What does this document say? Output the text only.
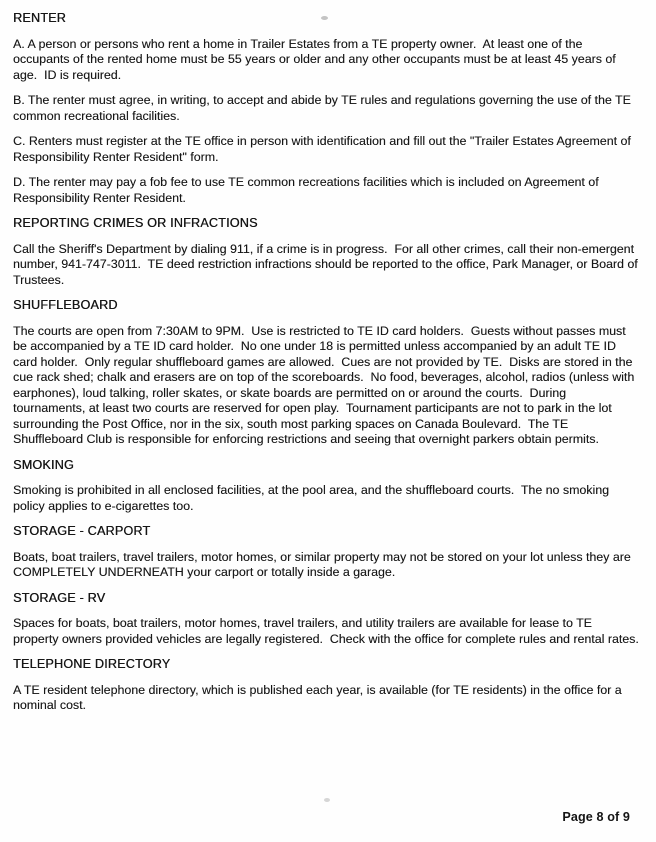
RENTER

A. A person or persons who rent a home in Trailer Estates from a TE property owner.  At least one of the occupants of the rented home must be 55 years or older and any other occupants must be at least 45 years of age.  ID is required.

B. The renter must agree, in writing, to accept and abide by TE rules and regulations governing the use of the TE common recreational facilities.

C. Renters must register at the TE office in person with identification and fill out the "Trailer Estates Agreement of Responsibility Renter Resident" form.

D. The renter may pay a fob fee to use TE common recreations facilities which is included on Agreement of Responsibility Renter Resident.

REPORTING CRIMES OR INFRACTIONS

Call the Sheriff's Department by dialing 911, if a crime is in progress.  For all other crimes, call their non-emergent number, 941-747-3011.  TE deed restriction infractions should be reported to the office, Park Manager, or Board of Trustees.

SHUFFLEBOARD

The courts are open from 7:30AM to 9PM.  Use is restricted to TE ID card holders.  Guests without passes must be accompanied by a TE ID card holder.  No one under 18 is permitted unless accompanied by an adult TE ID card holder.  Only regular shuffleboard games are allowed.  Cues are not provided by TE.  Disks are stored in the cue rack shed; chalk and erasers are on top of the scoreboards.  No food, beverages, alcohol, radios (unless with earphones), loud talking, roller skates, or skate boards are permitted on or around the courts.  During tournaments, at least two courts are reserved for open play.  Tournament participants are not to park in the lot surrounding the Post Office, nor in the six, south most parking spaces on Canada Boulevard.  The TE Shuffleboard Club is responsible for enforcing restrictions and seeing that overnight parkers obtain permits.

SMOKING

Smoking is prohibited in all enclosed facilities, at the pool area, and the shuffleboard courts.  The no smoking policy applies to e-cigarettes too.

STORAGE - CARPORT

Boats, boat trailers, travel trailers, motor homes, or similar property may not be stored on your lot unless they are COMPLETELY UNDERNEATH your carport or totally inside a garage.

STORAGE - RV

Spaces for boats, boat trailers, motor homes, travel trailers, and utility trailers are available for lease to TE property owners provided vehicles are legally registered.  Check with the office for complete rules and rental rates.

TELEPHONE DIRECTORY

A TE resident telephone directory, which is published each year, is available (for TE residents) in the office for a nominal cost.

Page 8 of 9
